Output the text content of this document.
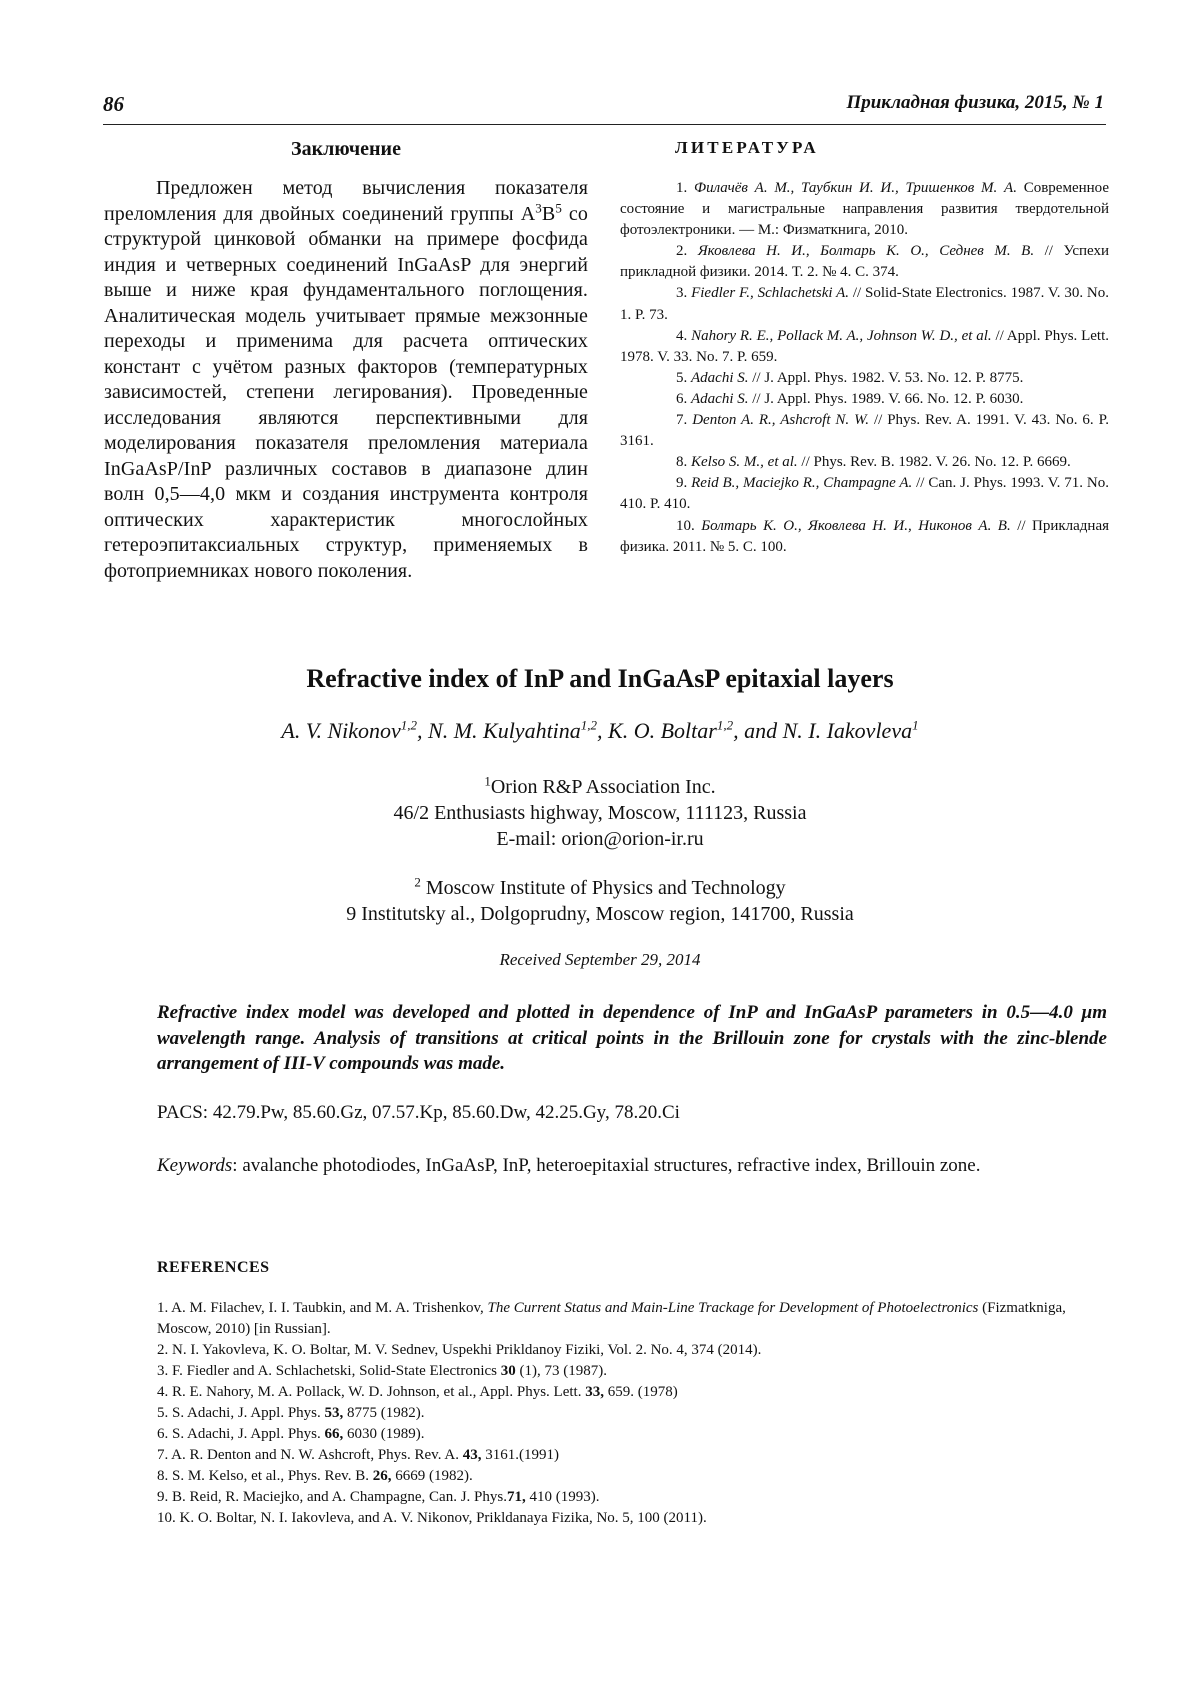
86	Прикладная физика, 2015, № 1
Заключение
Предложен метод вычисления показателя преломления для двойных соединений группы $A^3B^5$ со структурой цинковой обманки на примере фосфида индия и четверных соединений InGaAsP для энергий выше и ниже края фундаментального поглощения. Аналитическая модель учитывает прямые межзонные переходы и применима для расчета оптических констант с учётом разных факторов (температурных зависимостей, степени легирования). Проведенные исследования являются перспективными для моделирования показателя преломления материала InGaAsP/InP различных составов в диапазоне длин волн 0,5—4,0 мкм и создания инструмента контроля оптических характеристик многослойных гетероэпитаксиальных структур, применяемых в фотоприемниках нового поколения.
ЛИТЕРАТУРА

1. Филачёв А. М., Таубкин И. И., Тришенков М. А. Современное состояние и магистральные направления развития твердотельной фотоэлектроники. — М.: Физматкнига, 2010.

2. Яковлева Н. И., Болтарь К. О., Седнев М. В. // Успехи прикладной физики. 2014. Т. 2. № 4. С. 374.

3. Fiedler F., Schlachetski A. // Solid-State Electronics. 1987. V. 30. No. 1. P. 73.

4. Nahory R. E., Pollack M. A., Johnson W. D., et al. // Appl. Phys. Lett. 1978. V. 33. No. 7. P. 659.

5. Adachi S. // J. Appl. Phys. 1982. V. 53. No. 12. P. 8775.

6. Adachi S. // J. Appl. Phys. 1989. V. 66. No. 12. P. 6030.

7. Denton A. R., Ashcroft N. W. // Phys. Rev. A. 1991. V. 43. No. 6. P. 3161.

8. Kelso S. M., et al. // Phys. Rev. B. 1982. V. 26. No. 12. P. 6669.

9. Reid B., Maciejko R., Champagne A. // Can. J. Phys. 1993. V. 71. No. 410. P. 410.

10. Болтарь К. О., Яковлева Н. И., Никонов А. В. // Прикладная физика. 2011. № 5. С. 100.

Refractive index of InP and InGaAsP epitaxial layers
A. V. Nikonov$^{1,2}$, N. M. Kulyahtina$^{1,2}$, K. O. Boltar$^{1,2}$, and N. I. Iakovleva$^1$
$^1$Orion R&P Association Inc.
46/2 Enthusiasts highway, Moscow, 111123, Russia
E-mail: orion@orion-ir.ru
$^2$ Moscow Institute of Physics and Technology
9 Institutsky al., Dolgoprudny, Moscow region, 141700, Russia
Received September 29, 2014
Refractive index model was developed and plotted in dependence of InP and InGaAsP parameters in 0.5—4.0 μm wavelength range. Analysis of transitions at critical points in the Brillouin zone for crystals with the zinc-blende arrangement of III-V compounds was made.
PACS: 42.79.Pw, 85.60.Gz, 07.57.Kp, 85.60.Dw, 42.25.Gy, 78.20.Ci
Keywords: avalanche photodiodes, InGaAsP, InP, heteroepitaxial structures, refractive index, Brillouin zone.
REFERENCES

1. A. M. Filachev, I. I. Taubkin, and M. A. Trishenkov, The Current Status and Main-Line Trackage for Development of Photoelectronics (Fizmatkniga, Moscow, 2010) [in Russian].

2. N. I. Yakovleva, K. O. Boltar, M. V. Sednev, Uspekhi Prikldanoy Fiziki, Vol. 2. No. 4, 374 (2014).

3. F. Fiedler and A. Schlachetski, Solid-State Electronics 30 (1), 73 (1987).

4. R. E. Nahory, M. A. Pollack, W. D. Johnson, et al., Appl. Phys. Lett. 33, 659. (1978)

5. S. Adachi, J. Appl. Phys. 53, 8775 (1982).

6. S. Adachi, J. Appl. Phys. 66, 6030 (1989).

7. A. R. Denton and N. W. Ashcroft, Phys. Rev. A. 43, 3161.(1991)

8. S. M. Kelso, et al., Phys. Rev. B. 26, 6669 (1982).

9. B. Reid, R. Maciejko, and A. Champagne, Can. J. Phys.71, 410 (1993).

10. K. O. Boltar, N. I. Iakovleva, and A. V. Nikonov, Prikldanaya Fizika, No. 5, 100 (2011).
